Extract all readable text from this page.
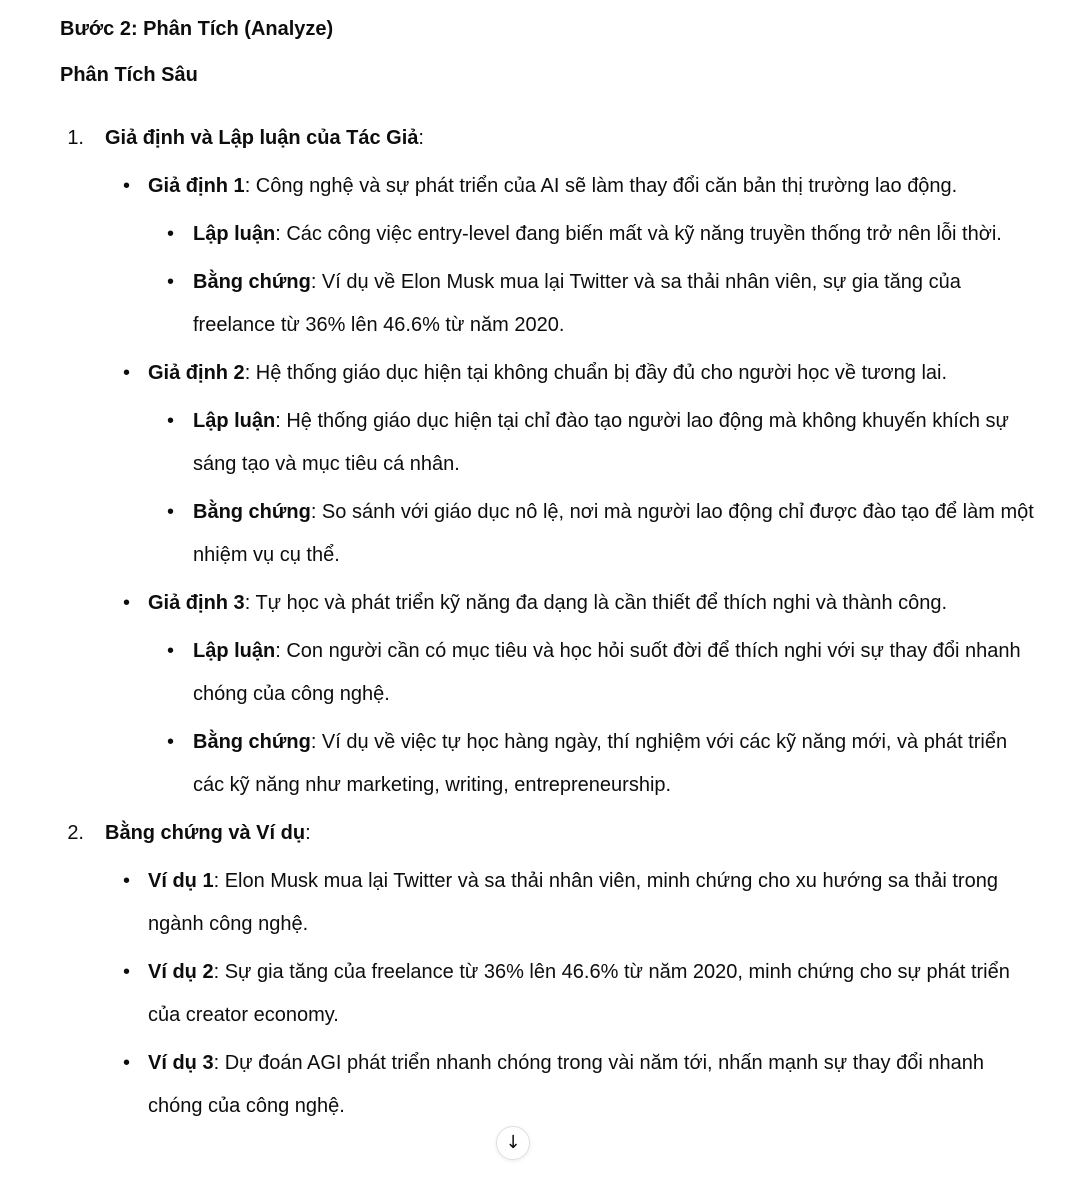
Bước 2: Phân Tích (Analyze)

Phân Tích Sâu

1. Giả định và Lập luận của Tác Giả:
• Giả định 1: Công nghệ và sự phát triển của AI sẽ làm thay đổi căn bản thị trường lao động.
• Lập luận: Các công việc entry-level đang biến mất và kỹ năng truyền thống trở nên lỗi thời.
• Bằng chứng: Ví dụ về Elon Musk mua lại Twitter và sa thải nhân viên, sự gia tăng của freelance từ 36% lên 46.6% từ năm 2020.
• Giả định 2: Hệ thống giáo dục hiện tại không chuẩn bị đầy đủ cho người học về tương lai.
• Lập luận: Hệ thống giáo dục hiện tại chỉ đào tạo người lao động mà không khuyến khích sự sáng tạo và mục tiêu cá nhân.
• Bằng chứng: So sánh với giáo dục nô lệ, nơi mà người lao động chỉ được đào tạo để làm một nhiệm vụ cụ thể.
• Giả định 3: Tự học và phát triển kỹ năng đa dạng là cần thiết để thích nghi và thành công.
• Lập luận: Con người cần có mục tiêu và học hỏi suốt đời để thích nghi với sự thay đổi nhanh chóng của công nghệ.
• Bằng chứng: Ví dụ về việc tự học hàng ngày, thí nghiệm với các kỹ năng mới, và phát triển các kỹ năng như marketing, writing, entrepreneurship.
2. Bằng chứng và Ví dụ:
• Ví dụ 1: Elon Musk mua lại Twitter và sa thải nhân viên, minh chứng cho xu hướng sa thải trong ngành công nghệ.
• Ví dụ 2: Sự gia tăng của freelance từ 36% lên 46.6% từ năm 2020, minh chứng cho sự phát triển của creator economy.
• Ví dụ 3: Dự đoán AGI phát triển nhanh chóng trong vài năm tới, nhấn mạnh sự thay đổi nhanh chóng của công nghệ.
↓
